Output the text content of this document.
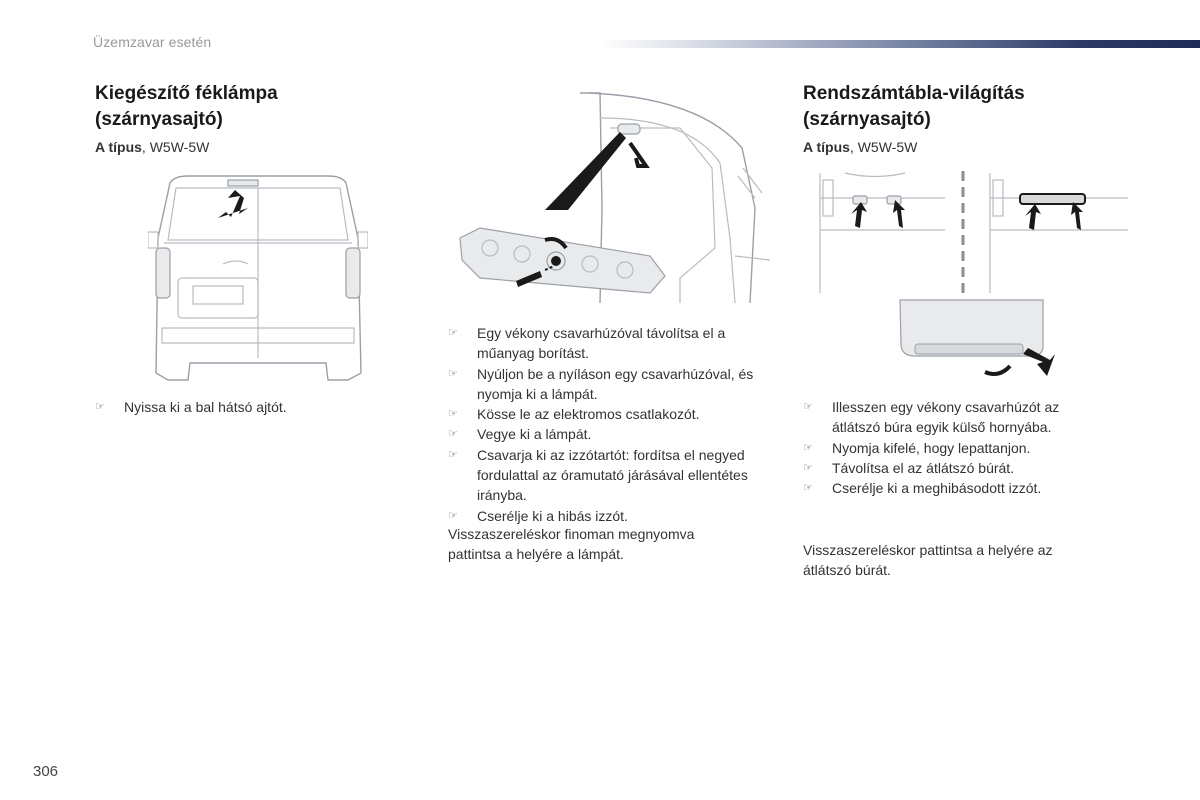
Üzemzavar esetén
Kiegészítő féklámpa
(szárnyasajtó)
A típus, W5W-5W
☞ Nyissa ki a bal hátsó ajtót.
☞ Egy vékony csavarhúzóval távolítsa el a műanyag borítást.
☞ Nyúljon be a nyíláson egy csavarhúzóval, és nyomja ki a lámpát.
☞ Kösse le az elektromos csatlakozót.
☞ Vegye ki a lámpát.
☞ Csavarja ki az izzótartót: fordítsa el negyed fordulattal az óramutató járásával ellentétes irányba.
☞ Cserélje ki a hibás izzót.

Visszaszereléskor finoman megnyomva pattintsa a helyére a lámpát.

Rendszámtábla-világítás
(szárnyasajtó)
A típus, W5W-5W
☞ Illesszen egy vékony csavarhúzót az átlátszó búra egyik külső hornyába.
☞ Nyomja kifelé, hogy lepattanjon.
☞ Távolítsa el az átlátszó búrát.
☞ Cserélje ki a meghibásodott izzót.

Visszaszereléskor pattintsa a helyére az átlátszó búrát.

306
